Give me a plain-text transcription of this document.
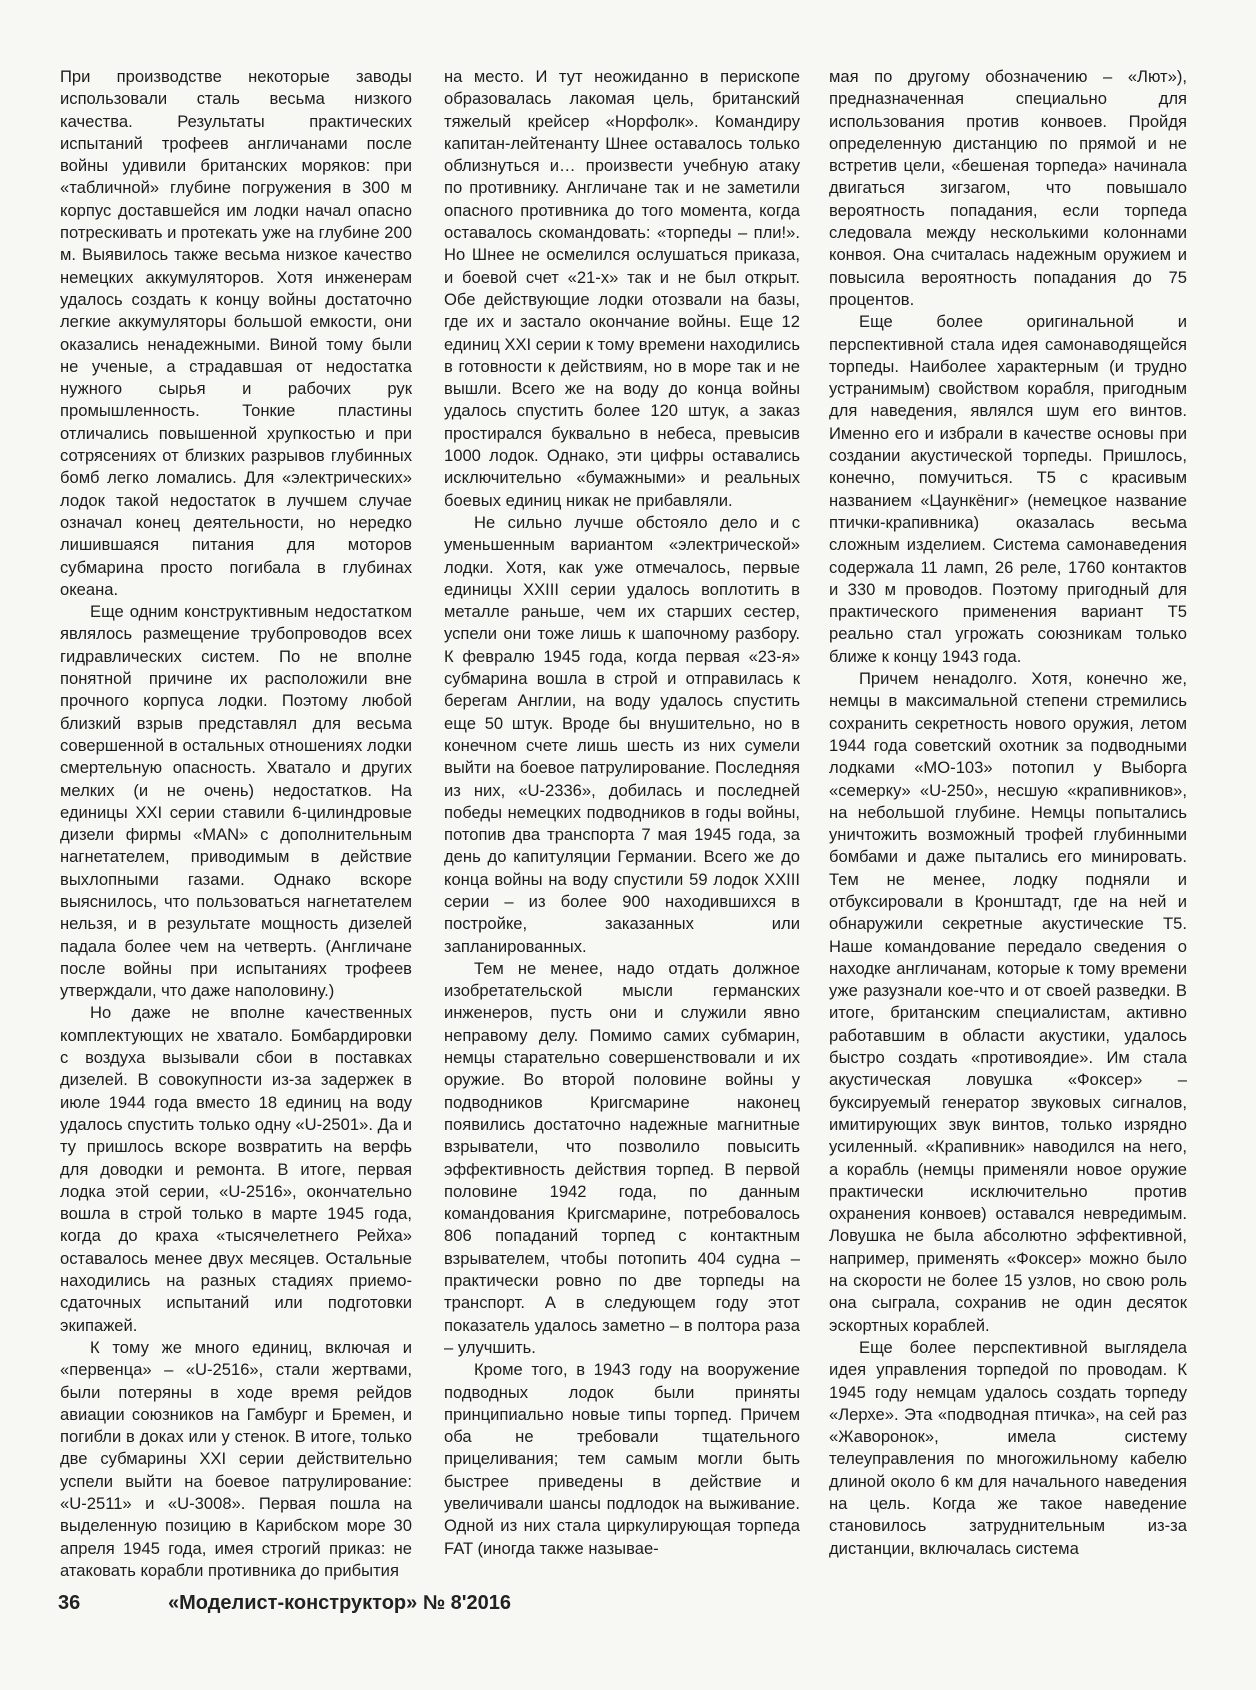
При производстве некоторые заводы использовали сталь весьма низкого качества. Результаты практических испытаний трофеев англичанами после войны удивили британских моряков: при «табличной» глубине погружения в 300 м корпус доставшейся им лодки начал опасно потрескивать и протекать уже на глубине 200 м. Выявилось также весьма низкое качество немецких аккумуляторов. Хотя инженерам удалось создать к концу войны достаточно легкие аккумуляторы большой емкости, они оказались ненадежными. Виной тому были не ученые, а страдавшая от недостатка нужного сырья и рабочих рук промышленность. Тонкие пластины отличались повышенной хрупкостью и при сотрясениях от близких разрывов глубинных бомб легко ломались. Для «электрических» лодок такой недостаток в лучшем случае означал конец деятельности, но нередко лишившаяся питания для моторов субмарина просто погибала в глубинах океана.

Еще одним конструктивным недостатком являлось размещение трубопроводов всех гидравлических систем. По не вполне понятной причине их расположили вне прочного корпуса лодки. Поэтому любой близкий взрыв представлял для весьма совершенной в остальных отношениях лодки смертельную опасность. Хватало и других мелких (и не очень) недостатков. На единицы XXI серии ставили 6-цилиндровые дизели фирмы «MAN» с дополнительным нагнетателем, приводимым в действие выхлопными газами. Однако вскоре выяснилось, что пользоваться нагнетателем нельзя, и в результате мощность дизелей падала более чем на четверть. (Англичане после войны при испытаниях трофеев утверждали, что даже наполовину.)

Но даже не вполне качественных комплектующих не хватало. Бомбардировки с воздуха вызывали сбои в поставках дизелей. В совокупности из-за задержек в июле 1944 года вместо 18 единиц на воду удалось спустить только одну «U-2501». Да и ту пришлось вскоре возвратить на верфь для доводки и ремонта. В итоге, первая лодка этой серии, «U-2516», окончательно вошла в строй только в марте 1945 года, когда до краха «тысячелетнего Рейха» оставалось менее двух месяцев. Остальные находились на разных стадиях приемо-сдаточных испытаний или подготовки экипажей.

К тому же много единиц, включая и «первенца» – «U-2516», стали жертвами, были потеряны в ходе время рейдов авиации союзников на Гамбург и Бремен, и погибли в доках или у стенок. В итоге, только две субмарины XXI серии действительно успели выйти на боевое патрулирование: «U-2511» и «U-3008». Первая пошла на выделенную позицию в Карибском море 30 апреля 1945 года, имея строгий приказ: не атаковать корабли противника до прибытия

на место. И тут неожиданно в перископе образовалась лакомая цель, британский тяжелый крейсер «Норфолк». Командиру капитан-лейтенанту Шнее оставалось только облизнуться и… произвести учебную атаку по противнику. Англичане так и не заметили опасного противника до того момента, когда оставалось скомандовать: «торпеды – пли!». Но Шнее не осмелился ослушаться приказа, и боевой счет «21-х» так и не был открыт. Обе действующие лодки отозвали на базы, где их и застало окончание войны. Еще 12 единиц XXI серии к тому времени находились в готовности к действиям, но в море так и не вышли. Всего же на воду до конца войны удалось спустить более 120 штук, а заказ простирался буквально в небеса, превысив 1000 лодок. Однако, эти цифры оставались исключительно «бумажными» и реальных боевых единиц никак не прибавляли.

Не сильно лучше обстояло дело и с уменьшенным вариантом «электрической» лодки. Хотя, как уже отмечалось, первые единицы XXIII серии удалось воплотить в металле раньше, чем их старших сестер, успели они тоже лишь к шапочному разбору. К февралю 1945 года, когда первая «23-я» субмарина вошла в строй и отправилась к берегам Англии, на воду удалось спустить еще 50 штук. Вроде бы внушительно, но в конечном счете лишь шесть из них сумели выйти на боевое патрулирование. Последняя из них, «U-2336», добилась и последней победы немецких подводников в годы войны, потопив два транспорта 7 мая 1945 года, за день до капитуляции Германии. Всего же до конца войны на воду спустили 59 лодок XXIII серии – из более 900 находившихся в постройке, заказанных или запланированных.

Тем не менее, надо отдать должное изобретательской мысли германских инженеров, пусть они и служили явно неправому делу. Помимо самих субмарин, немцы старательно совершенствовали и их оружие. Во второй половине войны у подводников Кригсмарине наконец появились достаточно надежные магнитные взрыватели, что позволило повысить эффективность действия торпед. В первой половине 1942 года, по данным командования Кригсмарине, потребовалось 806 попаданий торпед с контактным взрывателем, чтобы потопить 404 судна – практически ровно по две торпеды на транспорт. А в следующем году этот показатель удалось заметно – в полтора раза – улучшить.

Кроме того, в 1943 году на вооружение подводных лодок были приняты принципиально новые типы торпед. Причем оба не требовали тщательного прицеливания; тем самым могли быть быстрее приведены в действие и увеличивали шансы подлодок на выживание. Одной из них стала циркулирующая торпеда FAT (иногда также называе-

мая по другому обозначению – «Лют»), предназначенная специально для использования против конвоев. Пройдя определенную дистанцию по прямой и не встретив цели, «бешеная торпеда» начинала двигаться зигзагом, что повышало вероятность попадания, если торпеда следовала между несколькими колоннами конвоя. Она считалась надежным оружием и повысила вероятность попадания до 75 процентов.

Еще более оригинальной и перспективной стала идея самонаводящейся торпеды. Наиболее характерным (и трудно устранимым) свойством корабля, пригодным для наведения, являлся шум его винтов. Именно его и избрали в качестве основы при создании акустической торпеды. Пришлось, конечно, помучиться. T5 с красивым названием «Цаункёниг» (немецкое название птички-крапивника) оказалась весьма сложным изделием. Система самонаведения содержала 11 ламп, 26 реле, 1760 контактов и 330 м проводов. Поэтому пригодный для практического применения вариант T5 реально стал угрожать союзникам только ближе к концу 1943 года.

Причем ненадолго. Хотя, конечно же, немцы в максимальной степени стремились сохранить секретность нового оружия, летом 1944 года советский охотник за подводными лодками «МО-103» потопил у Выборга «семерку» «U-250», несшую «крапивников», на небольшой глубине. Немцы попытались уничтожить возможный трофей глубинными бомбами и даже пытались его минировать. Тем не менее, лодку подняли и отбуксировали в Кронштадт, где на ней и обнаружили секретные акустические T5. Наше командование передало сведения о находке англичанам, которые к тому времени уже разузнали кое-что и от своей разведки. В итоге, британским специалистам, активно работавшим в области акустики, удалось быстро создать «противоядие». Им стала акустическая ловушка «Фоксер» – буксируемый генератор звуковых сигналов, имитирующих звук винтов, только изрядно усиленный. «Крапивник» наводился на него, а корабль (немцы применяли новое оружие практически исключительно против охранения конвоев) оставался невредимым. Ловушка не была абсолютно эффективной, например, применять «Фоксер» можно было на скорости не более 15 узлов, но свою роль она сыграла, сохранив не один десяток эскортных кораблей.

Еще более перспективной выглядела идея управления торпедой по проводам. К 1945 году немцам удалось создать торпеду «Лерхе». Эта «подводная птичка», на сей раз «Жаворонок», имела систему телеуправления по многожильному кабелю длиной около 6 км для начального наведения на цель. Когда же такое наведение становилось затруднительным из-за дистанции, включалась система

36	«Моделист-конструктор» № 8'2016
